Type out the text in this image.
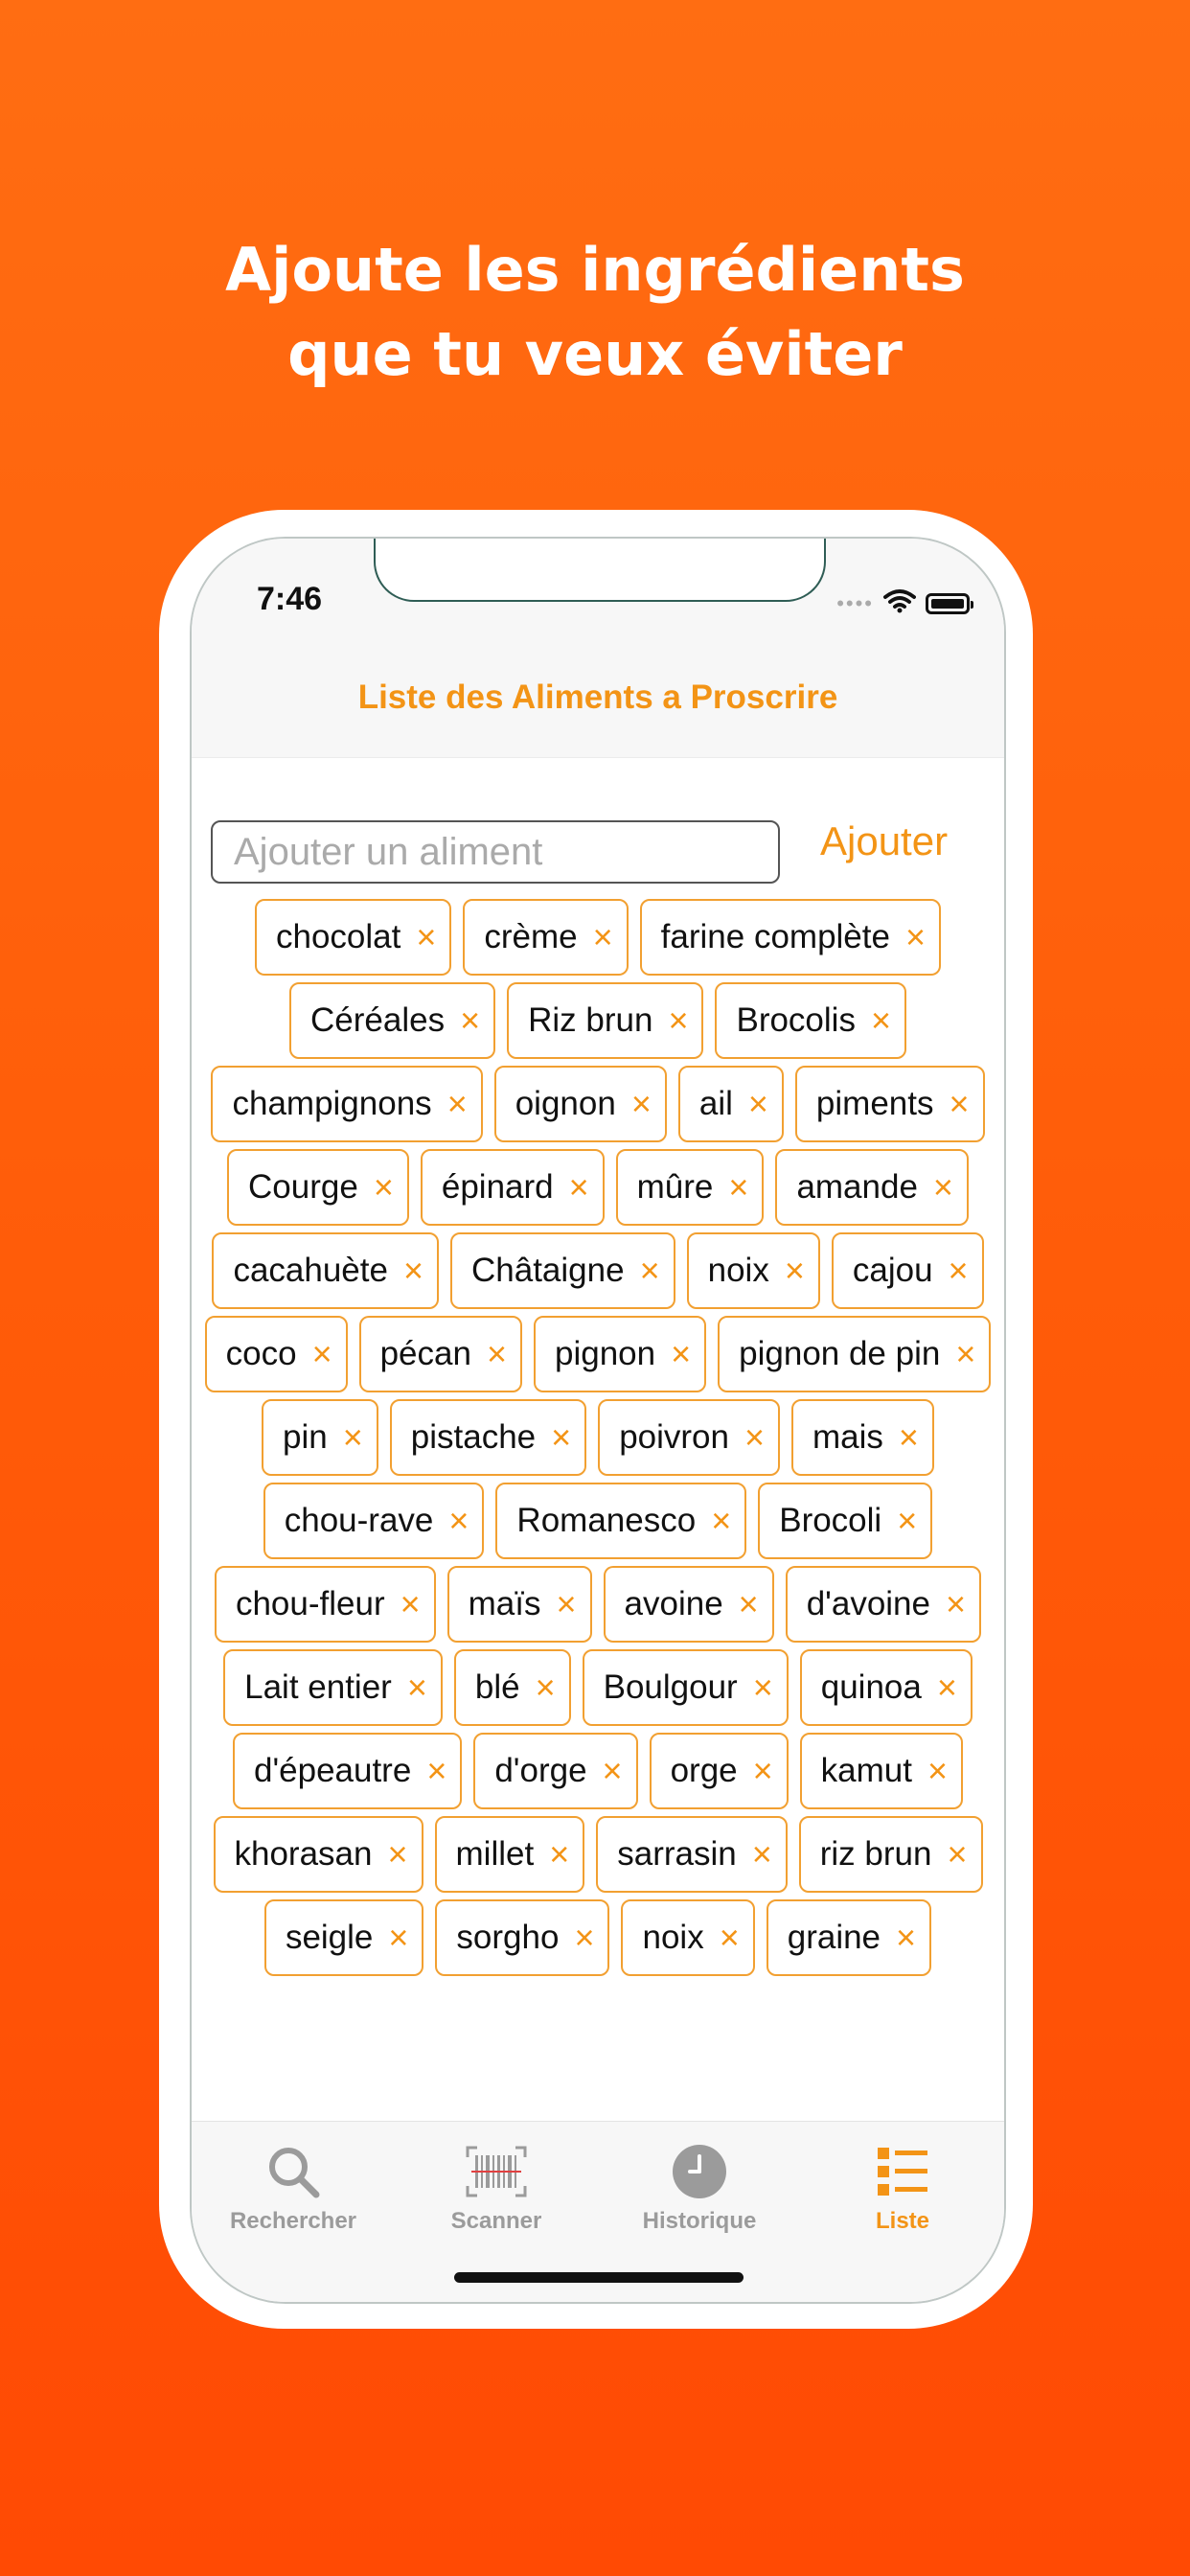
Ajoute les ingrédients
que tu veux éviter
7:46	••••
Liste des Aliments a Proscrire
Ajouter un aliment
Ajouter
chocolat × crème × farine complète ×
Céréales × Riz brun × Brocolis ×
champignons × oignon × ail × piments ×
Courge × épinard × mûre × amande ×
cacahuète × Châtaigne × noix × cajou ×
coco × pécan × pignon × pignon de pin ×
pin × pistache × poivron × mais ×
chou-rave × Romanesco × Brocoli ×
chou-fleur × maïs × avoine × d'avoine ×
Lait entier × blé × Boulgour × quinoa ×
d'épeautre × d'orge × orge × kamut ×
khorasan × millet × sarrasin × riz brun ×
seigle × sorgho × noix × graine ×
Rechercher	Scanner	Historique	Liste
